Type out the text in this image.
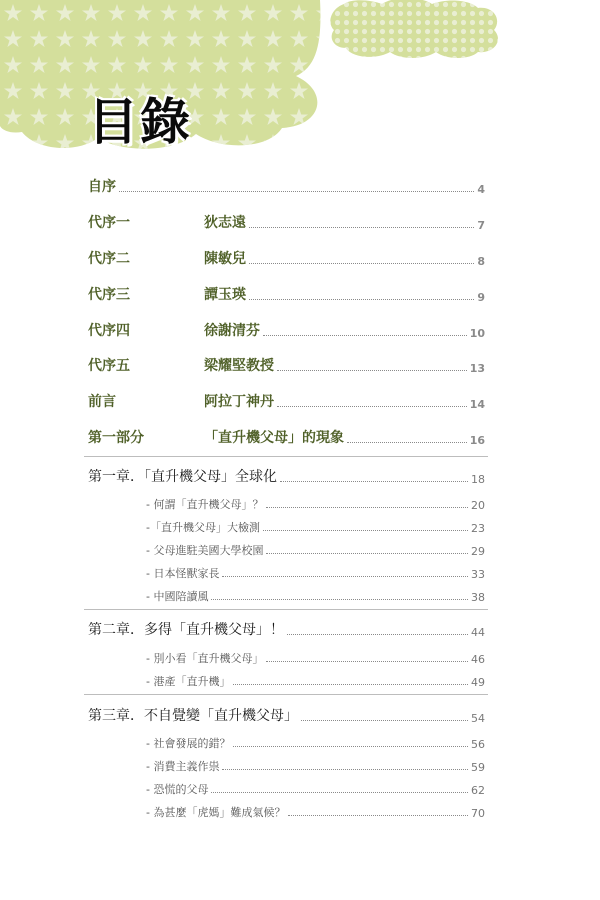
目錄
自序	4
代序一	狄志遠	7
代序二	陳敏兒	8
代序三	譚玉瑛	9
代序四	徐謝清芬	10
代序五	梁耀堅教授	13
前言	阿拉丁神丹	14
第一部分	「直升機父母」的現象	16
第一章．「直升機父母」全球化	18
- 何謂「直升機父母」？	20
-「直升機父母」大檢測	23
- 父母進駐美國大學校園	29
- 日本怪獸家長	33
- 中國陪讀風	38
第二章．多得「直升機父母」！	44
- 別小看「直升機父母」	46
- 港產「直升機」	49
第三章．不自覺變「直升機父母」	54
- 社會發展的錯？	56
- 消費主義作祟	59
- 恐慌的父母	62
- 為甚麼「虎媽」難成氣候？	70
